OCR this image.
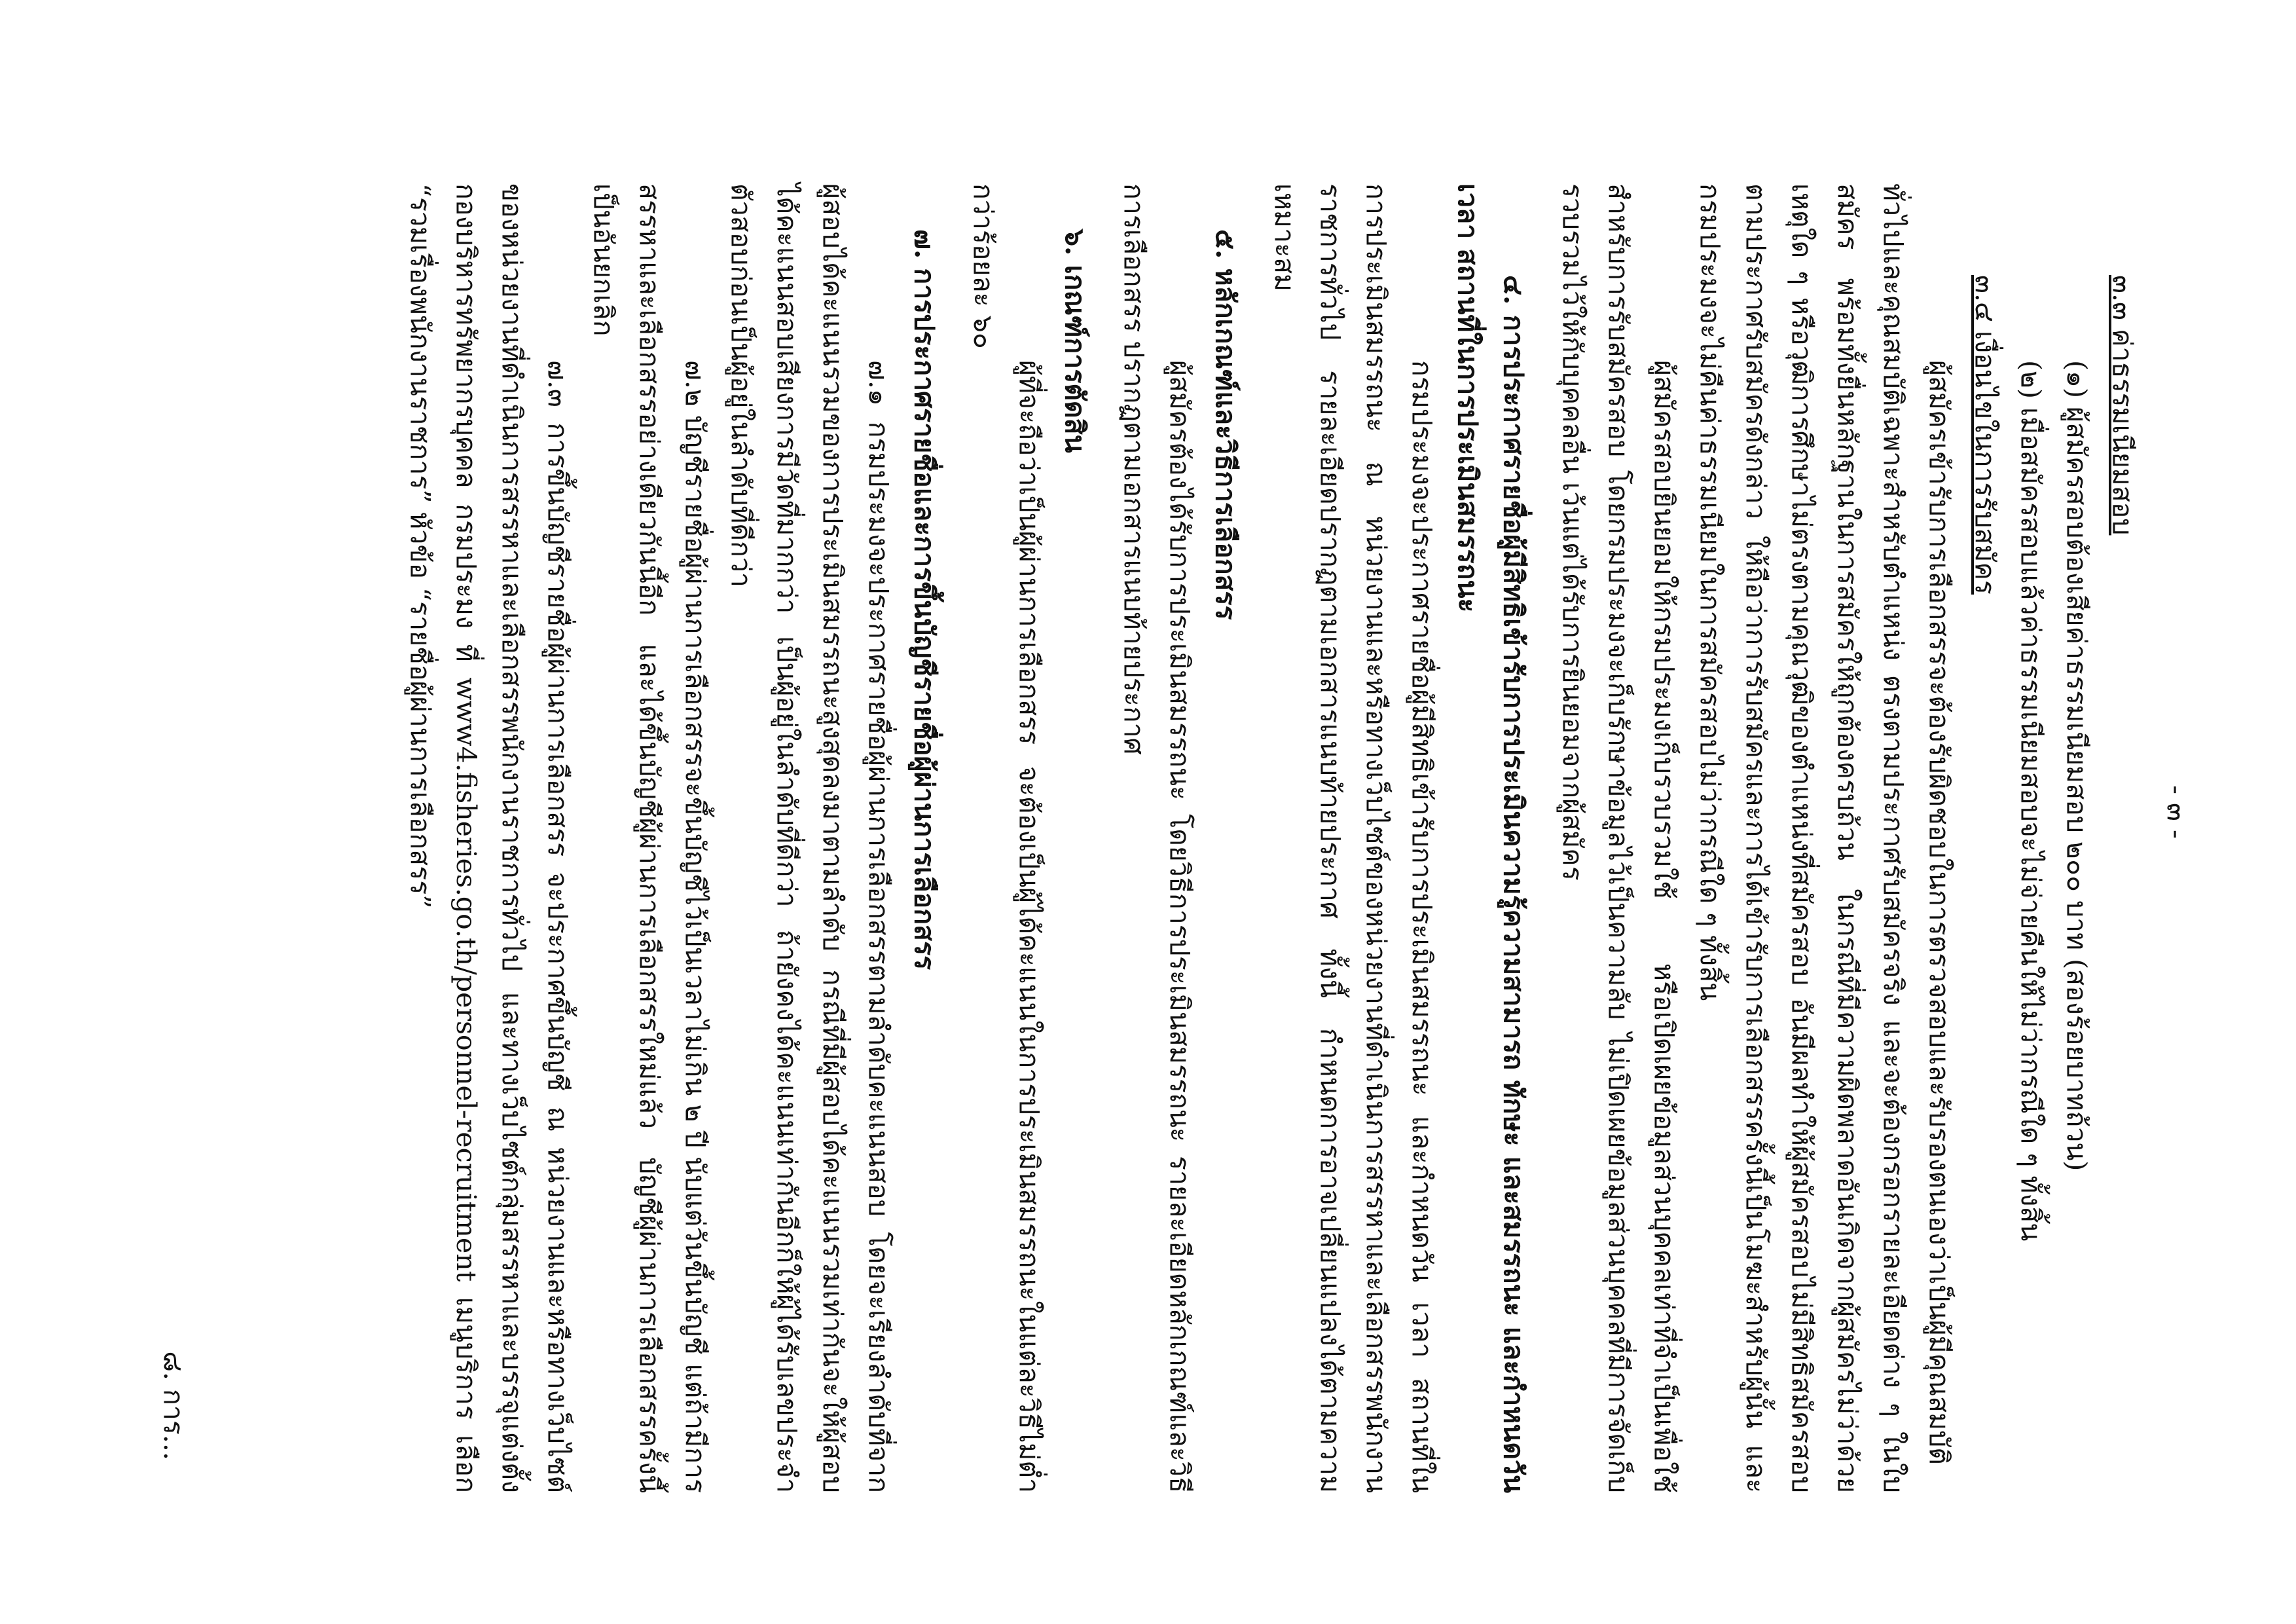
- ๓ -

๓.๓ ค่าธรรมเนียมสอบ

(๑) ผู้สมัครสอบต้องเสียค่าธรรมเนียมสอบ ๒๐๐ บาท (สองร้อยบาทถ้วน)

(๒) เมื่อสมัครสอบแล้วค่าธรรมเนียมสอบจะไม่จ่ายคืนให้ไม่ว่ากรณีใด ๆ ทั้งสิ้น

๓.๔ เงื่อนไขในการรับสมัคร

ผู้สมัครเข้ารับการเลือกสรรจะต้องรับผิดชอบในการตรวจสอบและรับรองตนเองว่าเป็นผู้มีคุณสมบัติทั่วไปและคุณสมบัติเฉพาะสำหรับตำแหน่ง ตรงตามประกาศรับสมัครจริง และจะต้องกรอกรายละเอียดต่าง ๆ ในใบสมัคร พร้อมทั้งยื่นหลักฐานในการสมัครให้ถูกต้องครบถ้วน ในกรณีที่มีความผิดพลาดอันเกิดจากผู้สมัครไม่ว่าด้วยเหตุใด ๆ หรือวุฒิการศึกษาไม่ตรงตามคุณวุฒิของตำแหน่งที่สมัครสอบ อันมีผลทำให้ผู้สมัครสอบไม่มีสิทธิสมัครสอบตามประกาศรับสมัครดังกล่าว ให้ถือว่าการรับสมัครและการได้เข้ารับการเลือกสรรครั้งนี้เป็นโมฆะสำหรับผู้นั้น และกรมประมงจะไม่คืนค่าธรรมเนียมในการสมัครสอบไม่ว่ากรณีใด ๆ ทั้งสิ้น

ผู้สมัครสอบยินยอมให้กรมประมงเก็บรวบรวมใช้ หรือเปิดเผยข้อมูลส่วนบุคคลเท่าที่จำเป็นเพื่อใช้สำหรับการรับสมัครสอบ โดยกรมประมงจะเก็บรักษาข้อมูลไว้เป็นความลับ ไม่เปิดเผยข้อมูลส่วนบุคคลที่มีการจัดเก็บรวบรวมไว้ให้กับบุคคลอื่น เว้นแต่ได้รับการยินยอมจากผู้สมัคร

๔. การประกาศรายชื่อผู้มีสิทธิเข้ารับการประเมินความรู้ความสามารถ ทักษะ และสมรรถนะ และกำหนดวัน เวลา สถานที่ในการประเมินสมรรถนะ

กรมประมงจะประกาศรายชื่อผู้มีสิทธิเข้ารับการประเมินสมรรถนะ และกำหนดวัน เวลา สถานที่ในการประเมินสมรรถนะ ณ หน่วยงานและหรือทางเว็บไซต์ของหน่วยงานที่ดำเนินการสรรหาและเลือกสรรพนักงานราชการทั่วไป รายละเอียดปรากฏตามเอกสารแนบท้ายประกาศ ทั้งนี้ กำหนดการอาจเปลี่ยนแปลงได้ตามความเหมาะสม

๕. หลักเกณฑ์และวิธีการเลือกสรร

ผู้สมัครต้องได้รับการประเมินสมรรถนะ โดยวิธีการประเมินสมรรถนะ รายละเอียดหลักเกณฑ์และวิธีการเลือกสรร ปรากฏตามเอกสารแนบท้ายประกาศ

๖. เกณฑ์การตัดสิน

ผู้ที่จะถือว่าเป็นผู้ผ่านการเลือกสรร จะต้องเป็นผู้ได้คะแนนในการประเมินสมรรถนะในแต่ละวิธีไม่ต่ำกว่าร้อยละ ๖๐

๗. การประกาศรายชื่อและการขึ้นบัญชีรายชื่อผู้ผ่านการเลือกสรร

๗.๑ กรมประมงจะประกาศรายชื่อผู้ผ่านการเลือกสรรตามลำดับคะแนนสอบ โดยจะเรียงลำดับที่จากผู้สอบได้คะแนนรวมของการประเมินสมรรถนะสูงสุดลงมาตามลำดับ กรณีที่มีผู้สอบได้คะแนนรวมเท่ากันจะให้ผู้สอบได้คะแนนสอบเสียงการมีวัดที่มากกว่า เป็นผู้อยู่ในลำดับที่ดีกว่า ถ้ายังคงได้คะแนนเท่ากันอีกก็ให้ผู้ได้รับเลขประจำตัวสอบก่อนเป็นผู้อยู่ในลำดับที่ดีกว่า

๗.๒ บัญชีรายชื่อผู้ผ่านการเลือกสรรจะขึ้นบัญชีไว้เป็นเวลาไม่เกิน ๒ ปี นับแต่วันขึ้นบัญชี แต่ถ้ามีการสรรหาและเลือกสรรอย่างเดียวกันนี้อีก และได้ขึ้นบัญชีผู้ผ่านการเลือกสรรใหม่แล้ว บัญชีผู้ผ่านการเลือกสรรครั้งนี้เป็นอันยกเลิก

๗.๓ การขึ้นบัญชีรายชื่อผู้ผ่านการเลือกสรร จะประกาศขึ้นบัญชี ณ หน่วยงานและหรือทางเว็บไซต์ของหน่วยงานที่ดำเนินการสรรหาและเลือกสรรพนักงานราชการทั่วไป และทางเว็บไซต์กลุ่มสรรหาและบรรจุแต่งตั้ง กองบริหารทรัพยากรบุคคล กรมประมง ที่ www4.fisheries.go.th/personnel-recruitment เมนูบริการ เลือก “รวมเรื่องพนักงานราชการ” หัวข้อ “รายชื่อผู้ผ่านการเลือกสรร”

๘. การ...
